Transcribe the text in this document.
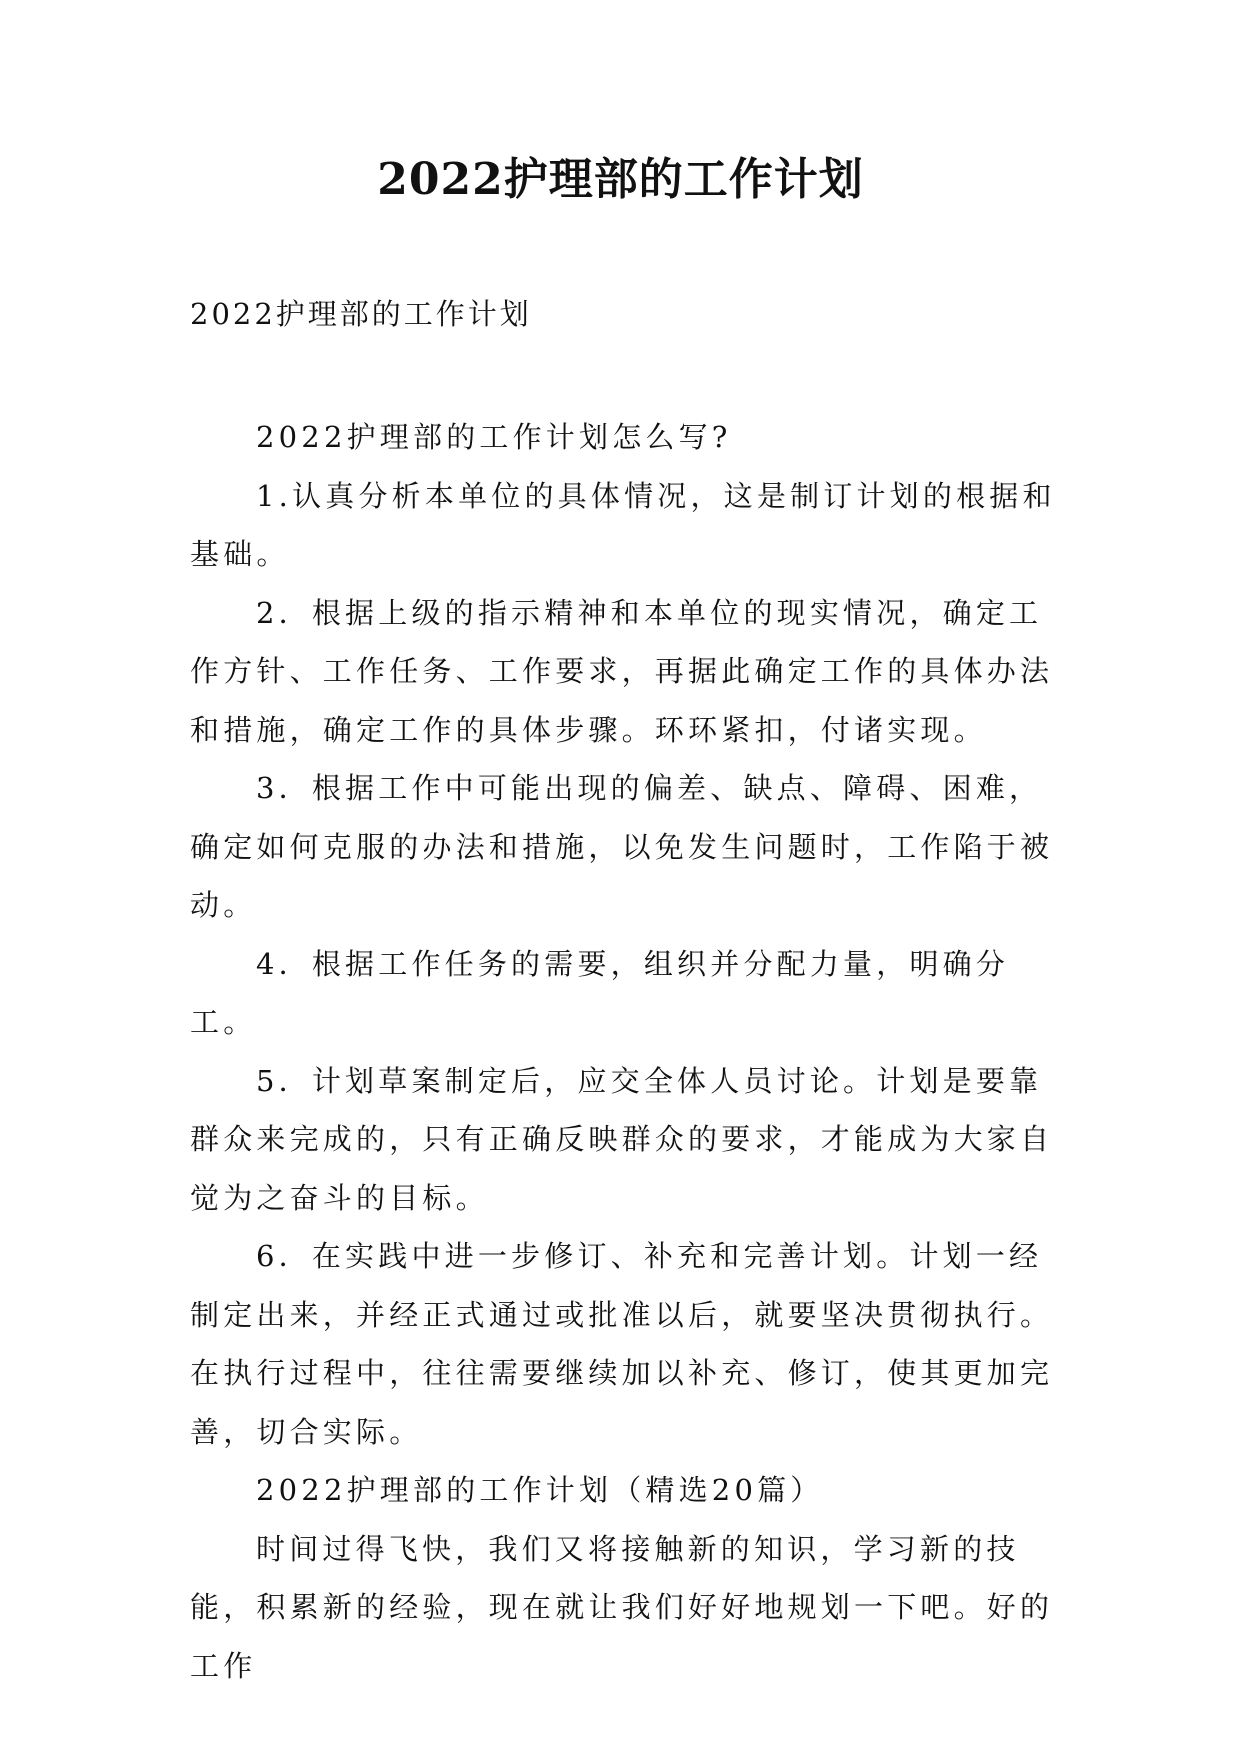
2022护理部的工作计划

2022护理部的工作计划

2022护理部的工作计划怎么写?

1.认真分析本单位的具体情况，这是制订计划的根据和基础。

2．根据上级的指示精神和本单位的现实情况，确定工作方针、工作任务、工作要求，再据此确定工作的具体办法和措施，确定工作的具体步骤。环环紧扣，付诸实现。

3．根据工作中可能出现的偏差、缺点、障碍、困难，确定如何克服的办法和措施，以免发生问题时，工作陷于被动。

4．根据工作任务的需要，组织并分配力量，明确分工。

5．计划草案制定后，应交全体人员讨论。计划是要靠群众来完成的，只有正确反映群众的要求，才能成为大家自觉为之奋斗的目标。

6．在实践中进一步修订、补充和完善计划。计划一经制定出来，并经正式通过或批准以后，就要坚决贯彻执行。在执行过程中，往往需要继续加以补充、修订，使其更加完善，切合实际。

2022护理部的工作计划（精选20篇）

时间过得飞快，我们又将接触新的知识，学习新的技能，积累新的经验，现在就让我们好好地规划一下吧。好的工作
